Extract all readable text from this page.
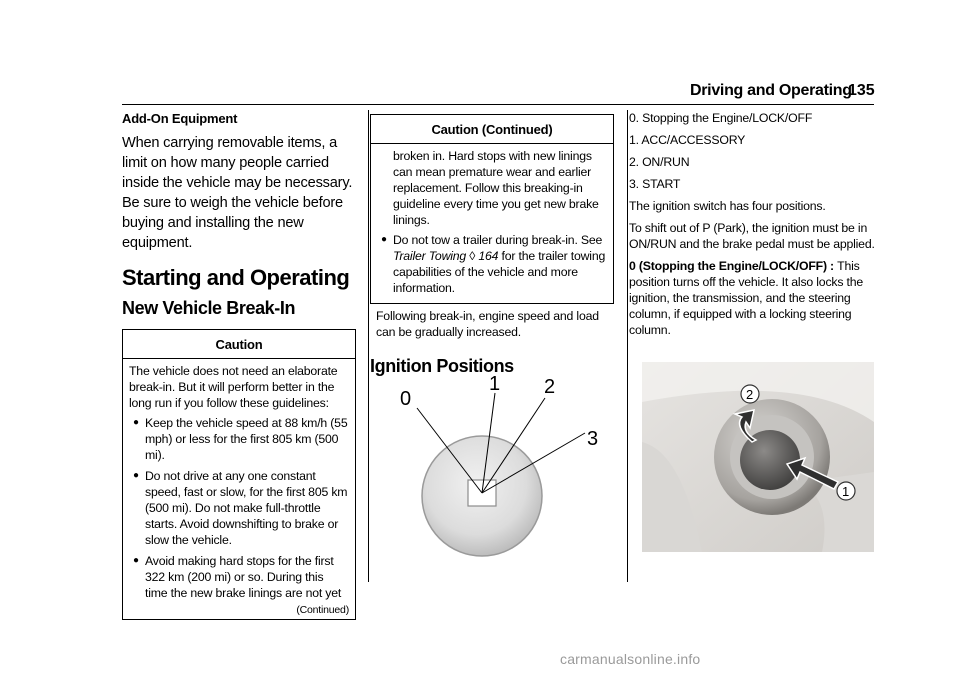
Driving and Operating
135
Add-On Equipment

When carrying removable items, a limit on how many people carried inside the vehicle may be necessary. Be sure to weigh the vehicle before buying and installing the new equipment.

Starting and Operating
New Vehicle Break-In
Caution

The vehicle does not need an elaborate break-in. But it will perform better in the long run if you follow these guidelines:

● Keep the vehicle speed at 88 km/h (55 mph) or less for the first 805 km (500 mi).
● Do not drive at any one constant speed, fast or slow, for the first 805 km (500 mi). Do not make full-throttle starts. Avoid downshifting to brake or slow the vehicle.
● Avoid making hard stops for the first 322 km (200 mi) or so. During this time the new brake linings are not yet
(Continued)
Caution (Continued)

broken in. Hard stops with new linings can mean premature wear and earlier replacement. Follow this breaking-in guideline every time you get new brake linings.

● Do not tow a trailer during break-in. See Trailer Towing ◊ 164 for the trailer towing capabilities of the vehicle and more information.

Following break-in, engine speed and load can be gradually increased.

Ignition Positions
0
1 2
3

0. Stopping the Engine/LOCK/OFF

1. ACC/ACCESSORY

2. ON/RUN

3. START

The ignition switch has four positions.

To shift out of P (Park), the ignition must be in ON/RUN and the brake pedal must be applied.

0 (Stopping the Engine/LOCK/OFF) : This position turns off the vehicle. It also locks the ignition, the transmission, and the steering column, if equipped with a locking steering column.

2
1
carmanualsonline.info
